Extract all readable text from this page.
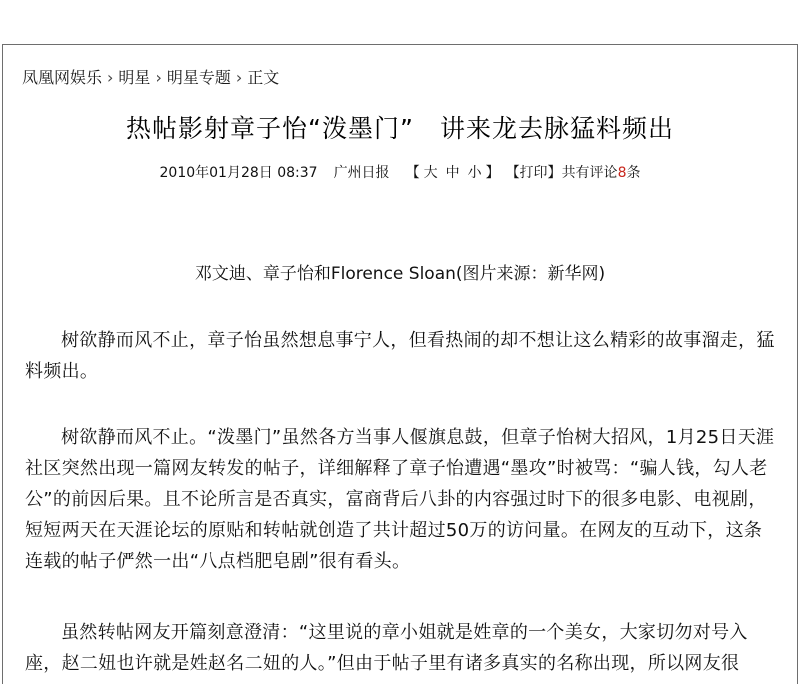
凤凰网娱乐 › 明星 › 明星专题 › 正文
热帖影射章子怡“泼墨门”　讲来龙去脉猛料频出
2010年01月28日 08:37 广州日报 【 大 中 小 】 【打印】共有评论8条
邓文迪、章子怡和Florence Sloan(图片来源：新华网)

树欲静而风不止，章子怡虽然想息事宁人，但看热闹的却不想让这么精彩的故事溜走，猛料频出。

树欲静而风不止。“泼墨门”虽然各方当事人偃旗息鼓，但章子怡树大招风，1月25日天涯社区突然出现一篇网友转发的帖子，详细解释了章子怡遭遇“墨攻”时被骂：“骗人钱，勾人老公”的前因后果。且不论所言是否真实，富商背后八卦的内容强过时下的很多电影、电视剧，短短两天在天涯论坛的原贴和转帖就创造了共计超过50万的访问量。在网友的互动下，这条连载的帖子俨然一出“八点档肥皂剧”很有看头。

虽然转帖网友开篇刻意澄清：“这里说的章小姐就是姓章的一个美女，大家切勿对号入座，赵二妞也许就是姓赵名二妞的人。”但由于帖子里有诸多真实的名称出现，所以网友很
